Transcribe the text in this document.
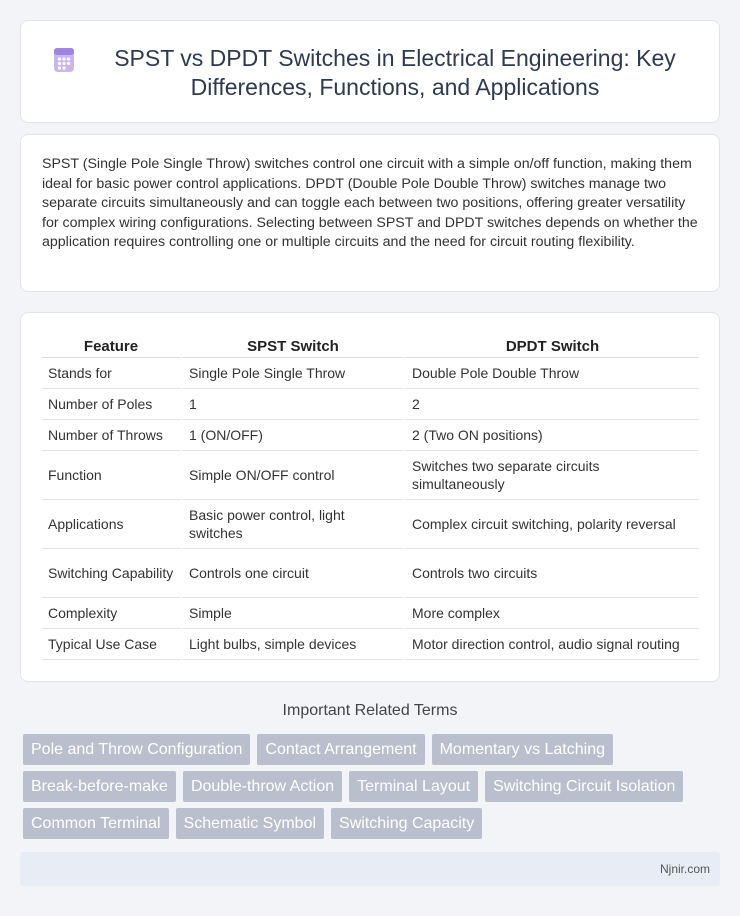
SPST vs DPDT Switches in Electrical Engineering: Key Differences, Functions, and Applications

SPST (Single Pole Single Throw) switches control one circuit with a simple on/off function, making them ideal for basic power control applications. DPDT (Double Pole Double Throw) switches manage two separate circuits simultaneously and can toggle each between two positions, offering greater versatility for complex wiring configurations. Selecting between SPST and DPDT switches depends on whether the application requires controlling one or multiple circuits and the need for circuit routing flexibility.

Feature	SPST Switch	DPDT Switch
Stands for	Single Pole Single Throw	Double Pole Double Throw
Number of Poles	1	2
Number of Throws	1 (ON/OFF)	2 (Two ON positions)
Function	Simple ON/OFF control	Switches two separate circuits simultaneously
Applications	Basic power control, light switches	Complex circuit switching, polarity reversal
Switching Capability	Controls one circuit	Controls two circuits
Complexity	Simple	More complex
Typical Use Case	Light bulbs, simple devices	Motor direction control, audio signal routing
Important Related Terms
Pole and Throw Configuration	Contact Arrangement	Momentary vs Latching
Break-before-make	Double-throw Action	Terminal Layout	Switching Circuit Isolation
Common Terminal	Schematic Symbol	Switching Capacity
Njnir.com
